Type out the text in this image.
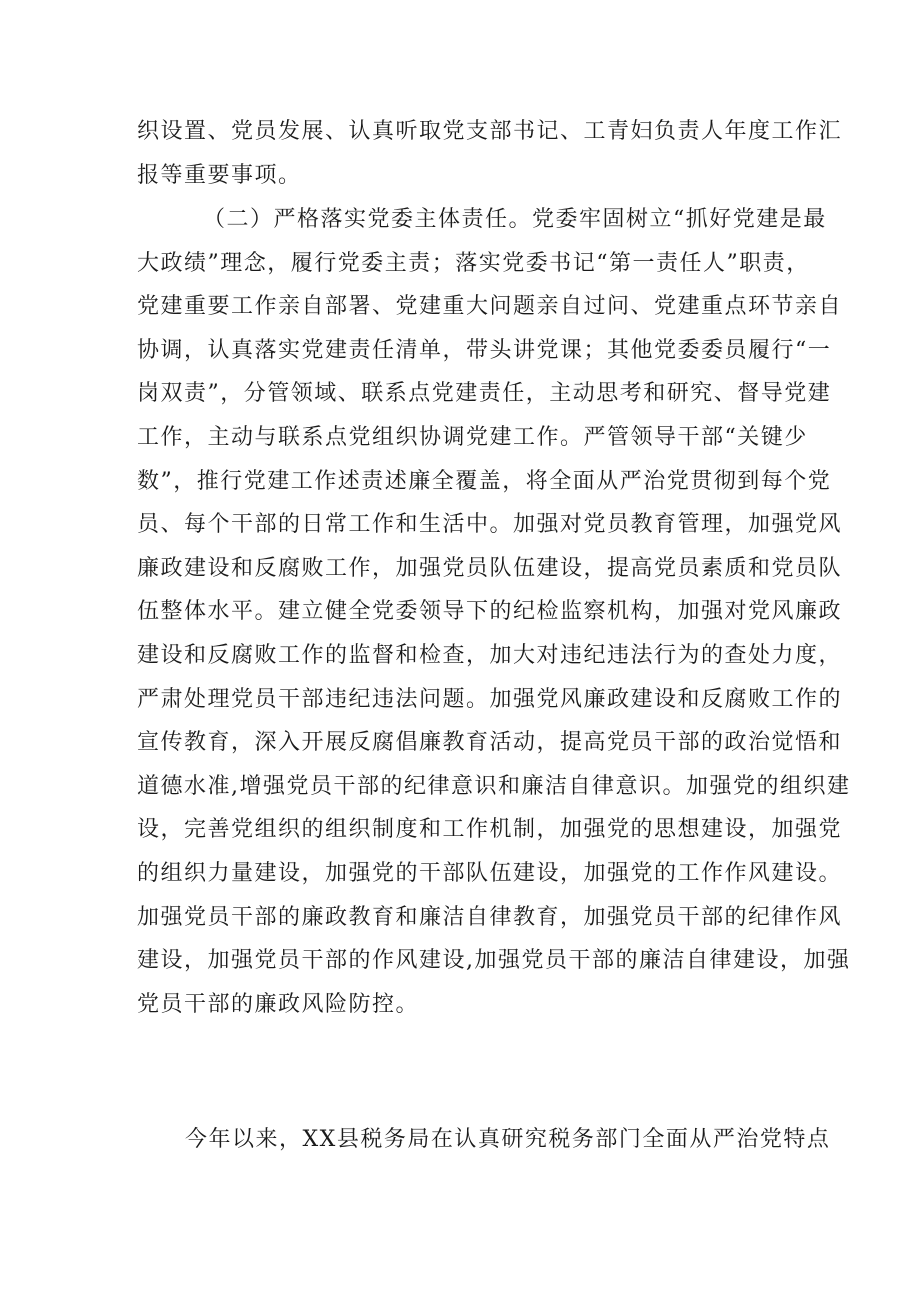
织设置、党员发展、认真听取党支部书记、工青妇负责人年度工作汇
报等重要事项。
（二）严格落实党委主体责任。党委牢固树立“抓好党建是最
大政绩”理念，履行党委主责；落实党委书记“第一责任人”职责，
党建重要工作亲自部署、党建重大问题亲自过问、党建重点环节亲自
协调，认真落实党建责任清单，带头讲党课；其他党委委员履行“一
岗双责”，分管领域、联系点党建责任，主动思考和研究、督导党建
工作，主动与联系点党组织协调党建工作。严管领导干部“关键少
数”，推行党建工作述责述廉全覆盖，将全面从严治党贯彻到每个党
员、每个干部的日常工作和生活中。加强对党员教育管理，加强党风
廉政建设和反腐败工作，加强党员队伍建设，提高党员素质和党员队
伍整体水平。建立健全党委领导下的纪检监察机构，加强对党风廉政
建设和反腐败工作的监督和检查，加大对违纪违法行为的查处力度，
严肃处理党员干部违纪违法问题。加强党风廉政建设和反腐败工作的
宣传教育，深入开展反腐倡廉教育活动，提高党员干部的政治觉悟和
道德水准,增强党员干部的纪律意识和廉洁自律意识。加强党的组织建
设，完善党组织的组织制度和工作机制，加强党的思想建设，加强党
的组织力量建设，加强党的干部队伍建设，加强党的工作作风建设。
加强党员干部的廉政教育和廉洁自律教育，加强党员干部的纪律作风
建设，加强党员干部的作风建设,加强党员干部的廉洁自律建设，加强
党员干部的廉政风险防控。
今年以来，XX县税务局在认真研究税务部门全面从严治党特点
